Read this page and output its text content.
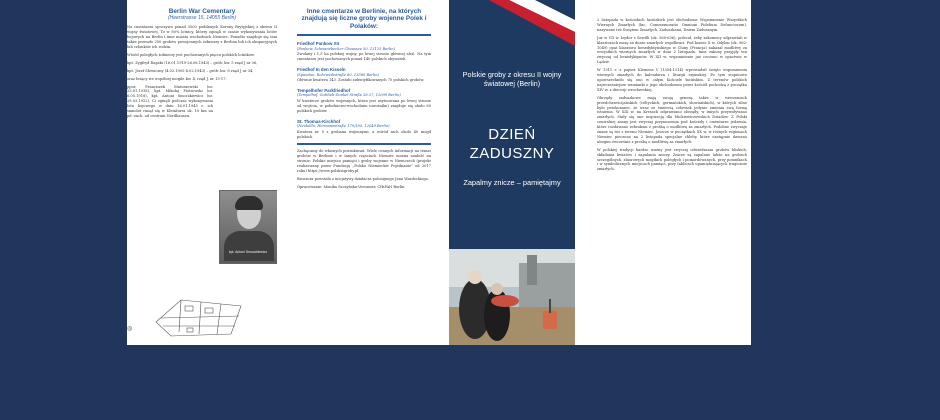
Berlin War Cementary
(Heerstrasse 15, 14055 Berlin)

Na cmentarzu spoczywa ponad 3500 poddanych Korony Brytyjskiej z okresu II wojny światowej. To w 80% lotnicy, którzy zginęli w czasie wykonywania lotów bojowych na Berlin i inne miasta wschodnich Niemiec. Ponadto znajduje się tam także przeszło 250 grobów powojennych żołnierzy z Berlina lub ich okupacyjnych lub członków ich rodzin.

Wśród poległych żołnierzy jest pochowanych pięciu polskich lotników:

kpt. Zygfryd Rapski (16.01.1919-26.08.1943) – grób: kw. 5 rząd J nr 36,

kpt. Józef Słowiczny (4.02.1905-4.02.1943) – grób: kw. 8 rząd J nr 34,

oraz leżący we wspólnej mogile kw. 4, rząd J, nr 13-17:

ppor. Franciszek Matuszewski (ur. 23.01.1918), kpt. Mikołaj Piotrowski (ur. 6.05.1918), kpt. Antoni Smoczkiewicz (ur. 29.03.1922). Ci zginęli podczas wykonywania lotu bojowego w dniu 16.01.1945 r. ich samolot runął się w Kleinfurra ok. 10 km na pd.-zach. od centrum Nordhausen.

kpt. Antoni Smoczkiewicz
◎
Inne cmentarze w Berlinie, na których znajdują się liczne groby wojenne Polek i Polaków:
Friedhof Pankow XII
(Pankow, Schwanebecker Chaussee 50, 13125 Berlin)

Zwołany i 1,5 ha polskiej wojny, po lewej stronie głównej alei). Na tym cmentarzu jest pochowanych ponad 140 polskich obywateli.

Friedhof In den Kisseln
(Spandau, Rohrweihstraße 80, 13589 Berlin)

Głównie kwatera 143. Zostało zidentyfikowanych 75 polskich grobów.

Tempelhofer Parkfriedhof
(Tempelhof, Gottlieb-Dunkel-Straße 26-27, 12099 Berlin)

W kwaterze grobów wojennych, która jest usytuowana po lewej stronie od wejścia, w południowo-wschodnim narożniku) znajduje się około 60 polskich grobów

St. Thomas-Kirchhof
(Neukölln, Hermannstraße 179/185, 12049 Berlin)

Kwatera nr 9 z grobami wojennymi, a wśród nich około 40 mogił polskich.

Zachęcamy do własnych poszukiwań. Wiele cennych informacji na temat grobów w Berlinie i w innych częściach Niemiec można znaleźć na stronie: Polskie miejsca pamięci i groby wojenne w Niemczech (projekt realizowany przez Fundację „Polsko Niemieckie Pojednanie” od 2017 roku) https://www.polskiegroby.pl

Broszura powstała z inicjatywy działacza polonijnego Jana Wardeckiego.

Opracowanie: Monika Szczyńska-Vercamer, CHiPAN Berlin

Polskie groby z okresu II wojny światowej (Berlin)
DZIEŃ ZADUSZNY
Zapalmy znicze – pamiętajmy

2 listopada w kościołach łacińskich jest obchodzone Wspomnienie Wszystkich Wiernych Zmarłych (łac. Commemoratio Omnium Fidelium Defunctorum), nazywane też Świętem Zmarłych, Zaduszkami, Dniem Zadusznym.

Już w VII w. Izydor z Sewilli (ok. 560-636), polecał, żeby zakonnicy odprawiali w klasztorach mszę za dusze zmarłych współbraci. Pod koniec X w. Odylon (ok. 962-1049) opat klasztoru benedyktyńskiego w Cluny (Francja) nakazał modlitwy za wszystkich wiernych zmarłych w dniu 2 listopada. Inne zakony przyjęły ten zwyczaj od benedyktynów. W XII w. wspomnienie już czczono w opactwie w Lądzie.

W 1311 r. z papież Klemens V (1304-1314) wprowadził święto wspomnienia wiernych zmarłych do kalendarza i liturgii rzymskiej. Po tym stopniowo upowszechniło się ono w całym Kościele łacińskim. Z terenów polskich najwcześniejsze wzmianki o jego obchodzeniu przez kościół pochodzą z początku XIV w. z diecezji wrocławskiej.

Obrzędy zaduszkowe mają swoją genezę także w wierzeniach przedchrześcijańskich (celtyckich, germańskich, słowiańskich), w których silne było przekonanie, że wraz ze śmiercią człowiek jedynie zmienia swą formę istnienia. W XIX w. na Kresach odprawiano obrzędy, w innych przywoływano zmarłych. Stały się one inspiracją dla Mickiewiczowskich Dziadów. Z Polski centralnej znany jest zwyczaj przynoszenia pod kościoły i cmentarze jedzenia, które rozdawano żebrakom z prośbą o modlitwę za zmarłych. Podobne zwyczaje znane są też z terenu Niemiec. Jeszcze w początkach XX w. w różnych regionach Niemiec pieczono na 2 listopada specjalne chleby, które następnie dawano ubogim ówcześnie z prośbą o modlitwę za zmarłych.

W polskiej tradycji bardzo ważny jest zwyczaj odwiedzania grobów bliskich, składania kwiatów i zapalania zniczy. Znicze są zapalane także na grobach szczególnych, zbiorowych mogiłach poległych i pomordowanych, przy pomnikach i w symbolicznych miejscach pamięci, przy tablicach upamiętniających tragicznie zmarłych.
